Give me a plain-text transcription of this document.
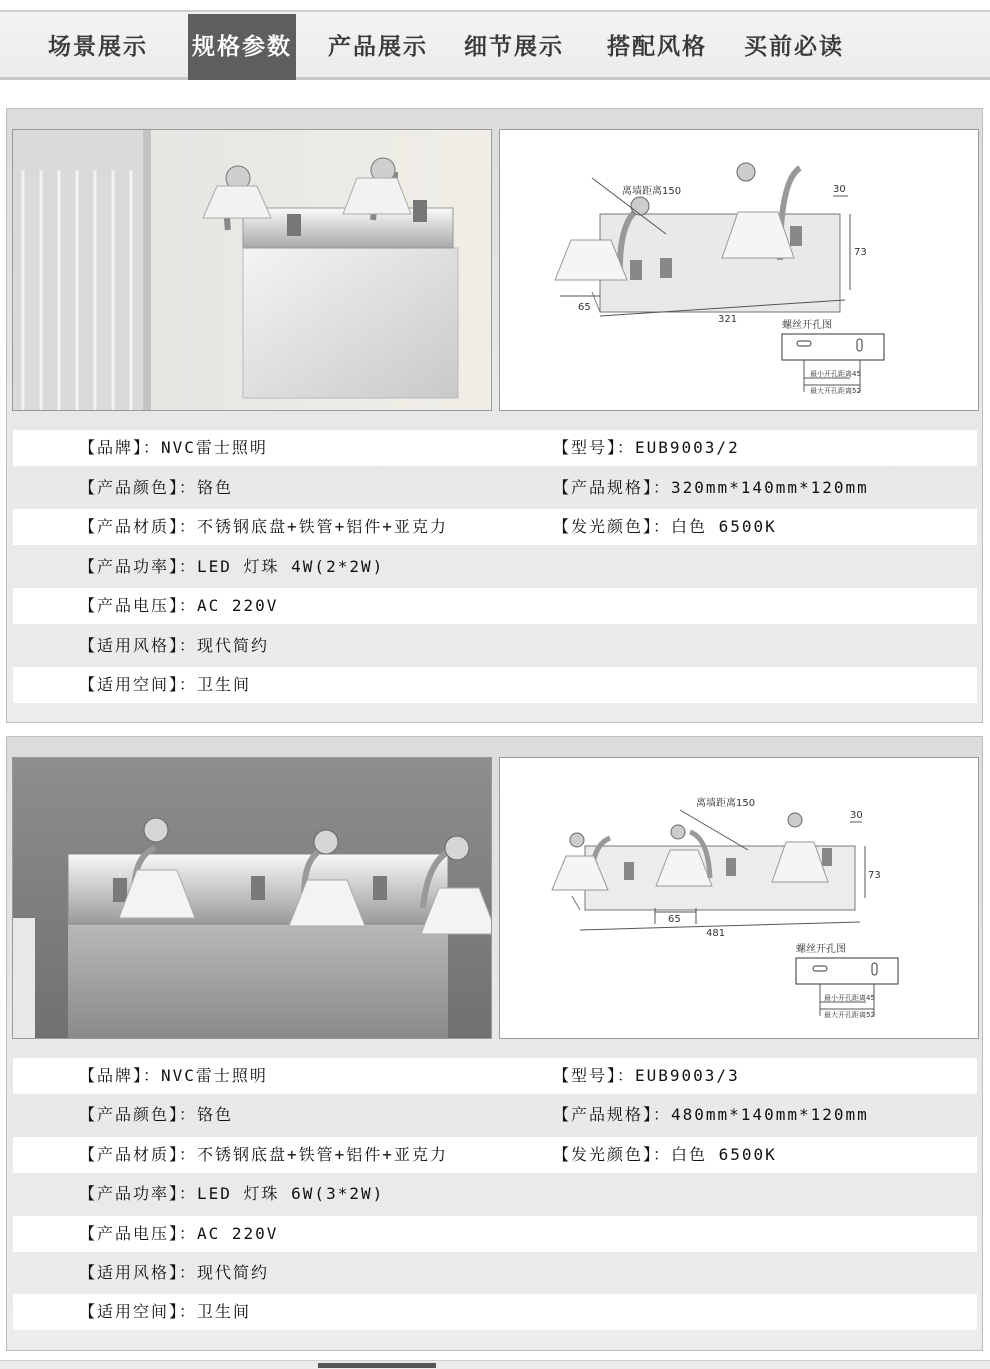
场景展示 规格参数 产品展示 细节展示	搭配风格	买前必读
离墙距离150	30
73
321
65
螺丝开孔图
最小开孔距离45
最大开孔距离52
【品牌】：NVC雷士照明	【型号】：EUB9003/2
【产品颜色】：铬色	【产品规格】：320mm*140mm*120mm
【产品材质】：不锈钢底盘+铁管+铝件+亚克力	【发光颜色】：白色 6500K
【产品功率】：LED 灯珠 4W(2*2W)
【产品电压】：AC 220V
【适用风格】：现代简约
【适用空间】：卫生间
离墙距离150
30
73
65
481
螺丝开孔图
最小开孔距离45
最大开孔距离52
【品牌】：NVC雷士照明	【型号】：EUB9003/3
【产品颜色】：铬色	【产品规格】：480mm*140mm*120mm
【产品材质】：不锈钢底盘+铁管+铝件+亚克力	【发光颜色】：白色 6500K
【产品功率】：LED 灯珠 6W(3*2W)
【产品电压】：AC 220V
【适用风格】：现代简约
【适用空间】：卫生间
